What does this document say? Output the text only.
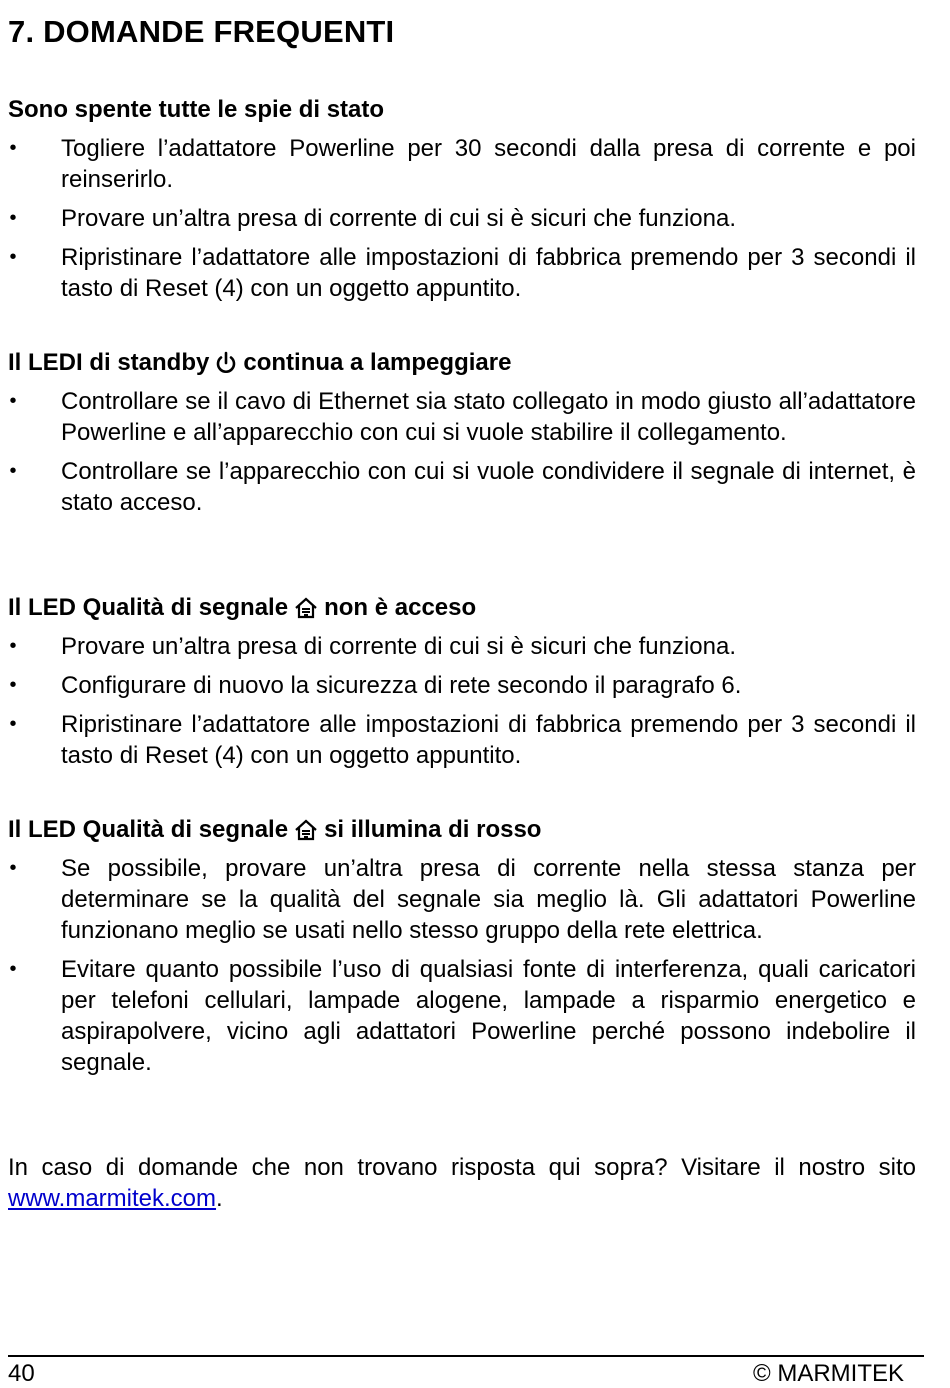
7. DOMANDE FREQUENTI
Sono spente tutte le spie di stato
• Togliere l’adattatore Powerline per 30 secondi dalla presa di corrente e poi reinserirlo.
• Provare un’altra presa di corrente di cui si è sicuri che funziona.
• Ripristinare l’adattatore alle impostazioni di fabbrica premendo per 3 secondi il tasto di Reset (4) con un oggetto appuntito.
Il LEDI di standby continua a lampeggiare
• Controllare se il cavo di Ethernet sia stato collegato in modo giusto all’adattatore Powerline e all’apparecchio con cui si vuole stabilire il collegamento.
• Controllare se l’apparecchio con cui si vuole condividere il segnale di internet, è stato acceso.
Il LED Qualità di segnale non è acceso
• Provare un’altra presa di corrente di cui si è sicuri che funziona.
• Configurare di nuovo la sicurezza di rete secondo il paragrafo 6.
• Ripristinare l’adattatore alle impostazioni di fabbrica premendo per 3 secondi il tasto di Reset (4) con un oggetto appuntito.
Il LED Qualità di segnale si illumina di rosso
• Se possibile, provare un’altra presa di corrente nella stessa stanza per determinare se la qualità del segnale sia meglio là. Gli adattatori Powerline funzionano meglio se usati nello stesso gruppo della rete elettrica.
• Evitare quanto possibile l’uso di qualsiasi fonte di interferenza, quali caricatori per telefoni cellulari, lampade alogene, lampade a risparmio energetico e aspirapolvere, vicino agli adattatori Powerline perché possono indebolire il segnale.

In caso di domande che non trovano risposta qui sopra? Visitare il nostro sito www.marmitek.com.

40	© MARMITEK
